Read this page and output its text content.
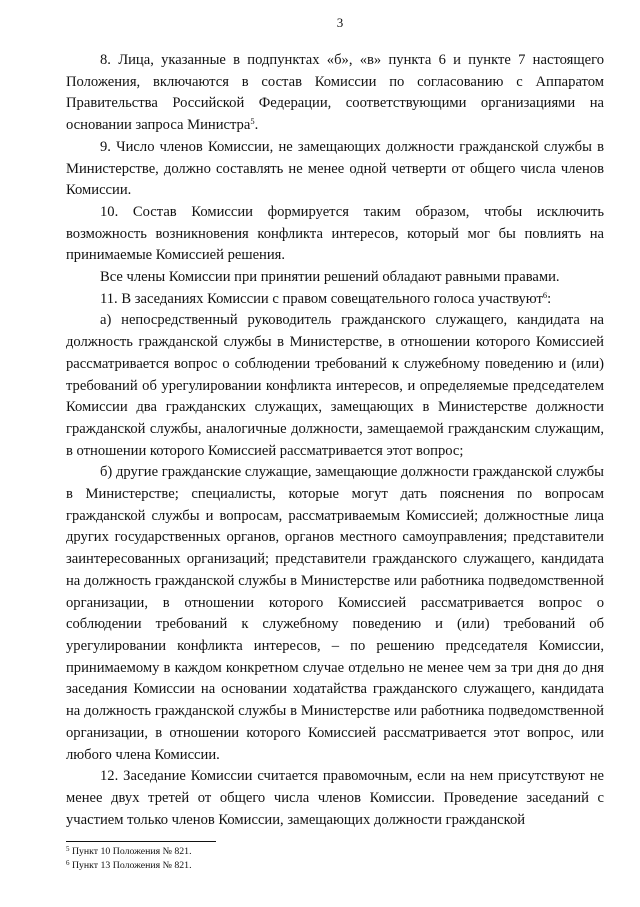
3

8. Лица, указанные в подпунктах «б», «в» пункта 6 и пункте 7 настоящего Положения, включаются в состав Комиссии по согласованию с Аппаратом Правительства Российской Федерации, соответствующими организациями на основании запроса Министра$^5$.

9. Число членов Комиссии, не замещающих должности гражданской службы в Министерстве, должно составлять не менее одной четверти от общего числа членов Комиссии.

10. Состав Комиссии формируется таким образом, чтобы исключить возможность возникновения конфликта интересов, который мог бы повлиять на принимаемые Комиссией решения.

Все члены Комиссии при принятии решений обладают равными правами.

11. В заседаниях Комиссии с правом совещательного голоса участвуют$^6$:

а) непосредственный руководитель гражданского служащего, кандидата на должность гражданской службы в Министерстве, в отношении которого Комиссией рассматривается вопрос о соблюдении требований к служебному поведению и (или) требований об урегулировании конфликта интересов, и определяемые председателем Комиссии два гражданских служащих, замещающих в Министерстве должности гражданской службы, аналогичные должности, замещаемой гражданским служащим, в отношении которого Комиссией рассматривается этот вопрос;

б) другие гражданские служащие, замещающие должности гражданской службы в Министерстве; специалисты, которые могут дать пояснения по вопросам гражданской службы и вопросам, рассматриваемым Комиссией; должностные лица других государственных органов, органов местного самоуправления; представители заинтересованных организаций; представители гражданского служащего, кандидата на должность гражданской службы в Министерстве или работника подведомственной организации, в отношении которого Комиссией рассматривается вопрос о соблюдении требований к служебному поведению и (или) требований об урегулировании конфликта интересов, – по решению председателя Комиссии, принимаемому в каждом конкретном случае отдельно не менее чем за три дня до дня заседания Комиссии на основании ходатайства гражданского служащего, кандидата на должность гражданской службы в Министерстве или работника подведомственной организации, в отношении которого Комиссией рассматривается этот вопрос, или любого члена Комиссии.

12. Заседание Комиссии считается правомочным, если на нем присутствуют не менее двух третей от общего числа членов Комиссии. Проведение заседаний с участием только членов Комиссии, замещающих должности гражданской

$^5$ Пункт 10 Положения № 821.

$^6$ Пункт 13 Положения № 821.
